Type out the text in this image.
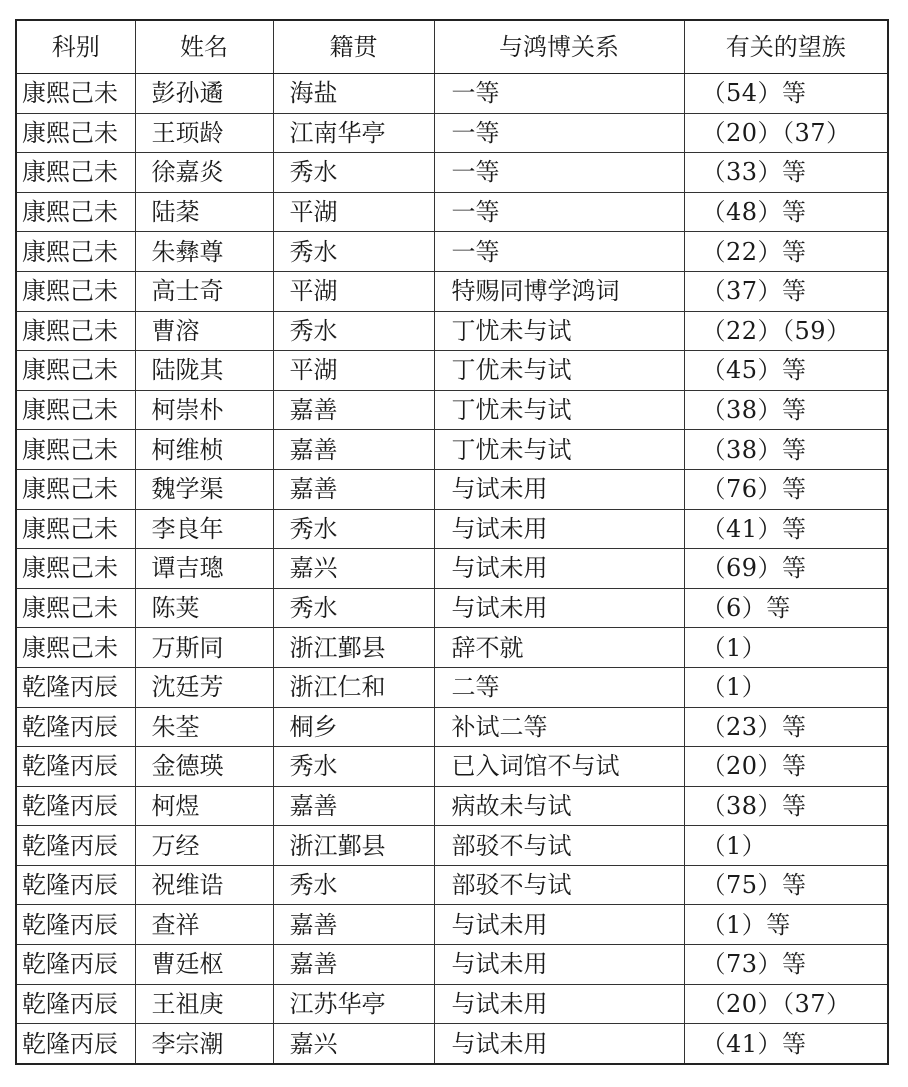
科别	姓名	籍贯	与鸿博关系	有关的望族
康熙己未	彭孙遹	海盐	一等	（54）等
康熙己未	王顼龄	江南华亭	一等	（20）（37）
康熙己未	徐嘉炎	秀水	一等	（33）等
康熙己未	陆棻	平湖	一等	（48）等
康熙己未	朱彝尊	秀水	一等	（22）等
康熙己未	高士奇	平湖	特赐同博学鸿词	（37）等
康熙己未	曹溶	秀水	丁忧未与试	（22）（59）
康熙己未	陆陇其	平湖	丁优未与试	（45）等
康熙己未	柯崇朴	嘉善	丁忧未与试	（38）等
康熙己未	柯维桢	嘉善	丁忧未与试	（38）等
康熙己未	魏学渠	嘉善	与试未用	（76）等
康熙己未	李良年	秀水	与试未用	（41）等
康熙己未	谭吉璁	嘉兴	与试未用	（69）等
康熙己未	陈荚	秀水	与试未用	（6）等
康熙己未	万斯同	浙江鄞县	辞不就	（1）
乾隆丙辰	沈廷芳	浙江仁和	二等	（1）
乾隆丙辰	朱荃	桐乡	补试二等	（23）等
乾隆丙辰	金德瑛	秀水	已入词馆不与试	（20）等
乾隆丙辰	柯煜	嘉善	病故未与试	（38）等
乾隆丙辰	万经	浙江鄞县	部驳不与试	（1）
乾隆丙辰	祝维诰	秀水	部驳不与试	（75）等
乾隆丙辰	查祥	嘉善	与试未用	（1）等
乾隆丙辰	曹廷枢	嘉善	与试未用	（73）等
乾隆丙辰	王祖庚	江苏华亭	与试未用	（20）（37）
乾隆丙辰	李宗潮	嘉兴	与试未用	（41）等
